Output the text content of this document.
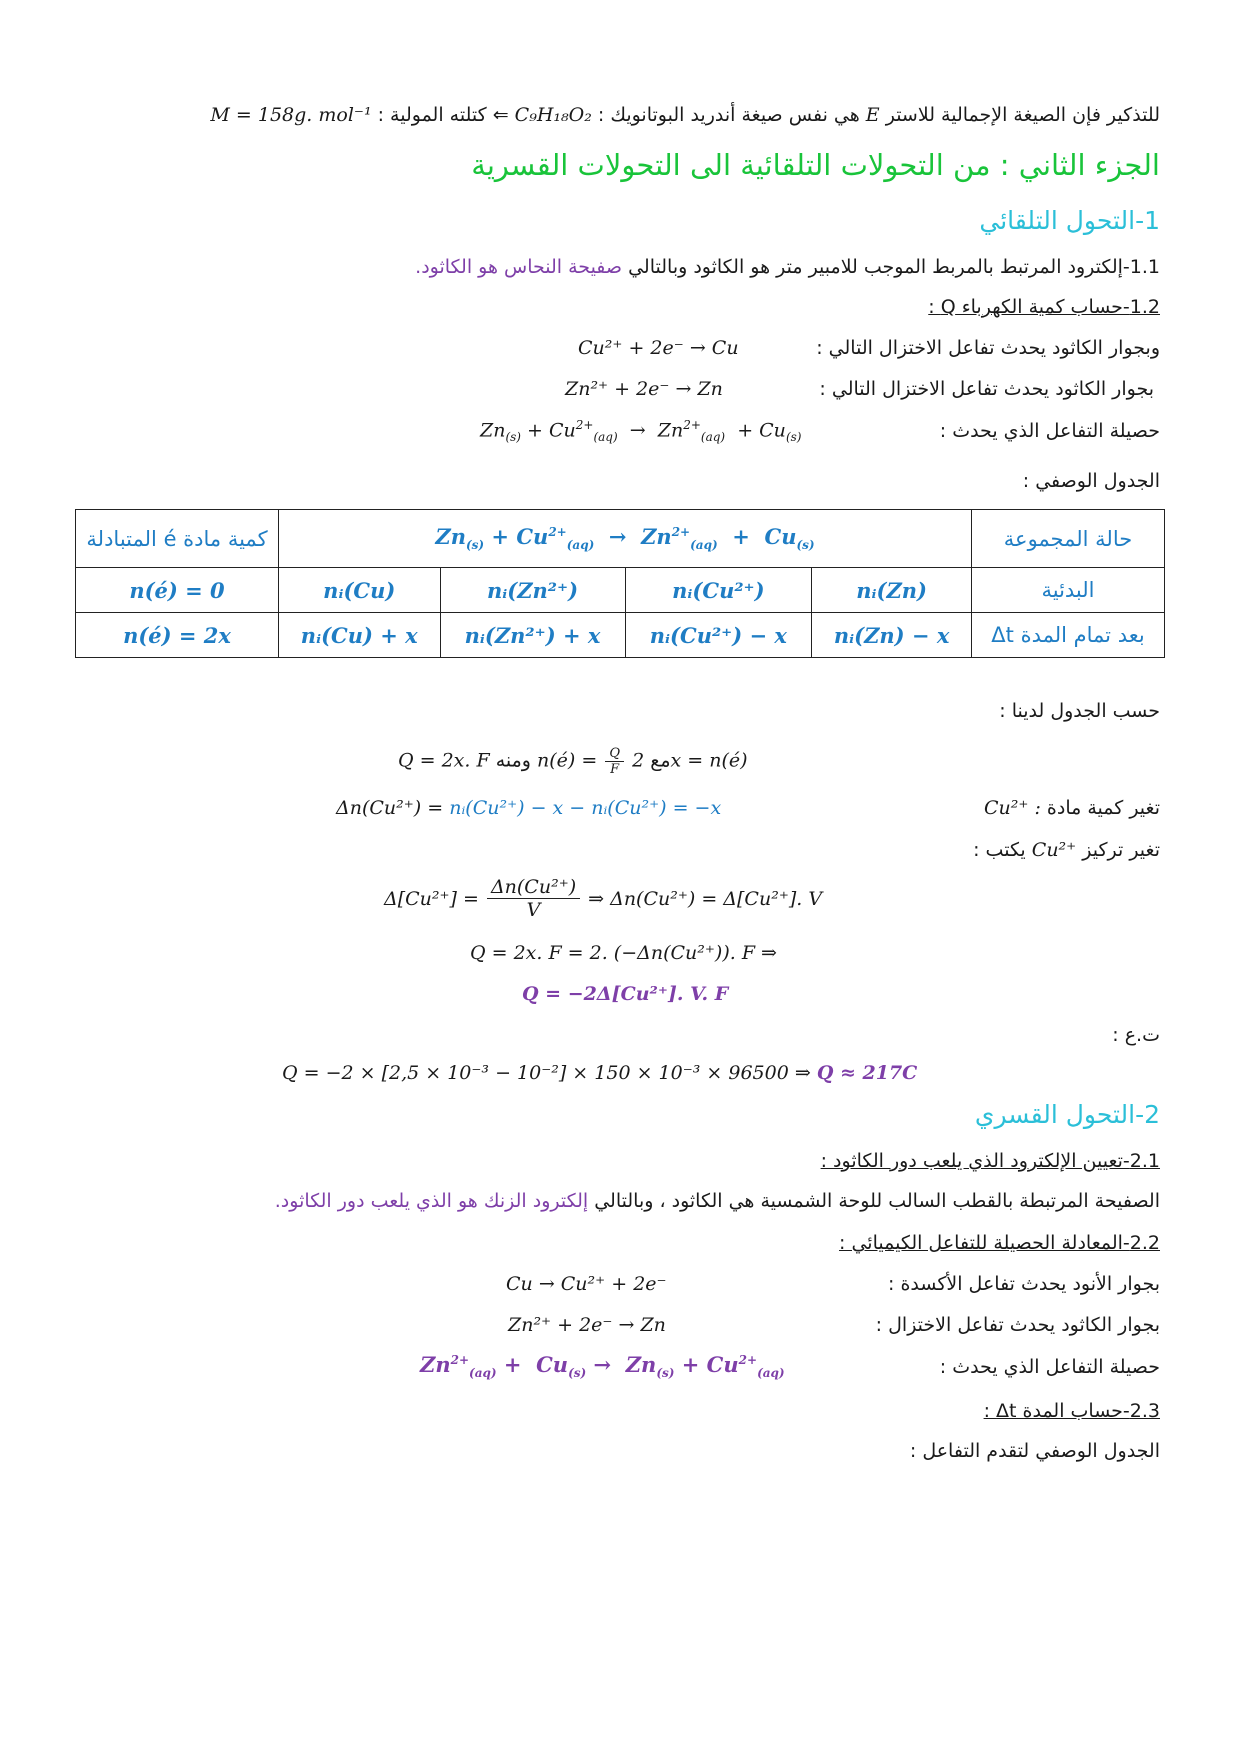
للتذكير فإن الصيغة الإجمالية للاستر E هي نفس صيغة أندريد البوتانويك : C₉H₁₈O₂ ⇐ كتلته المولية : M = 158g. mol⁻¹
الجزء الثاني : من التحولات التلقائية الى التحولات القسرية
1-التحول التلقائي
1.1-إلكترود المرتبط بالمربط الموجب للامبير متر هو الكاثود وبالتالي صفيحة النحاس هو الكاثود.
1.2-حساب كمية الكهرباء Q :
وبجوار الكاثود يحدث تفاعل الاختزال التالي :
Cu²⁺ + 2e⁻ → Cu
بجوار الكاثود يحدث تفاعل الاختزال التالي :
Zn²⁺ + 2e⁻ → Zn
حصيلة التفاعل الذي يحدث :
$Zn_{(s)} + Cu^{2+}_{(aq)} \to Zn^{2+}_{(aq)} + Cu_{(s)}$
الجدول الوصفي :
كمية مادة é المتبادلة	$Zn_{(s)} + Cu^{2+}_{(aq)} \to Zn^{2+}_{(aq)} + Cu_{(s)}$				حالة المجموعة
n(é) = 0	nᵢ(Cu)	nᵢ(Zn²⁺)	nᵢ(Cu²⁺)	nᵢ(Zn)	البدئية
n(é) = 2x	nᵢ(Cu) + x	nᵢ(Zn²⁺) + x	nᵢ(Cu²⁺) − x	nᵢ(Zn) − x	بعد تمام المدة Δt
حسب الجدول لدينا :
Q = 2x. F ومنه n(é) = $\frac{Q}{F}$ مع 2x = n(é)
تغير كمية مادة Cu²⁺ :
Δn(Cu²⁺) = nᵢ(Cu²⁺) − x − nᵢ(Cu²⁺) = −x
تغير تركيز Cu²⁺ يكتب :
$\Delta[Cu^{2+}] = \frac{\text{Δn(Cu²⁺)}}{V}$ ⇒ Δn(Cu²⁺) = Δ[Cu²⁺]. V
Q = 2x. F = 2. (−Δn(Cu²⁺)). F ⇒
Q = −2Δ[Cu²⁺]. V. F
ت.ع :
Q = −2 × [2,5 × 10⁻³ − 10⁻²] × 150 × 10⁻³ × 96500 ⇒ Q ≈ 217C
2-التحول القسري
2.1-تعيين الإلكترود الذي يلعب دور الكاثود :
الصفيحة المرتبطة بالقطب السالب للوحة الشمسية هي الكاثود ، وبالتالي إلكترود الزنك هو الذي يلعب دور الكاثود.
2.2-المعادلة الحصيلة للتفاعل الكيميائي :
بجوار الأنود يحدث تفاعل الأكسدة :
Cu → Cu²⁺ + 2e⁻
بجوار الكاثود يحدث تفاعل الاختزال :
Zn²⁺ + 2e⁻ → Zn
حصيلة التفاعل الذي يحدث :
$Zn^{2+}_{(aq)} + Cu_{(s)} \to Zn_{(s)} + Cu^{2+}_{(aq)}$
2.3-حساب المدة Δt :
الجدول الوصفي لتقدم التفاعل :
